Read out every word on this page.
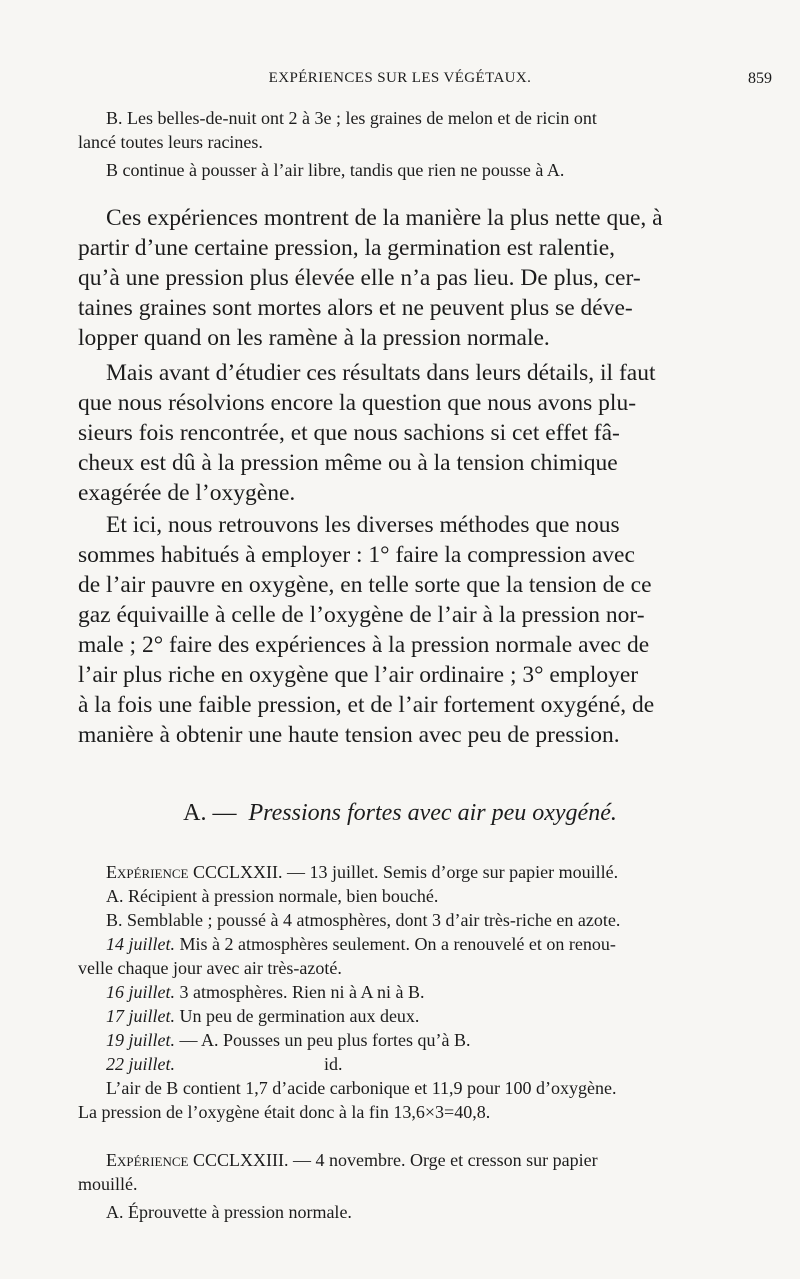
EXPÉRIENCES SUR LES VÉGÉTAUX.	859
B. Les belles-de-nuit ont 2 à 3e ; les graines de melon et de ricin ont
lancé toutes leurs racines.
B continue à pousser à l’air libre, tandis que rien ne pousse à A.
Ces expériences montrent de la manière la plus nette que, à
partir d’une certaine pression, la germination est ralentie,
qu’à une pression plus élevée elle n’a pas lieu. De plus, cer-
taines graines sont mortes alors et ne peuvent plus se déve-
lopper quand on les ramène à la pression normale.
Mais avant d’étudier ces résultats dans leurs détails, il faut
que nous résolvions encore la question que nous avons plu-
sieurs fois rencontrée, et que nous sachions si cet effet fâ-
cheux est dû à la pression même ou à la tension chimique
exagérée de l’oxygène.
Et ici, nous retrouvons les diverses méthodes que nous
sommes habitués à employer : 1° faire la compression avec
de l’air pauvre en oxygène, en telle sorte que la tension de ce
gaz équivaille à celle de l’oxygène de l’air à la pression nor-
male ; 2° faire des expériences à la pression normale avec de
l’air plus riche en oxygène que l’air ordinaire ; 3° employer
à la fois une faible pression, et de l’air fortement oxygéné, de
manière à obtenir une haute tension avec peu de pression.
A. — Pressions fortes avec air peu oxygéné.
Expérience CCCLXXII. — 13 juillet. Semis d’orge sur papier mouillé.
A. Récipient à pression normale, bien bouché.
B. Semblable ; poussé à 4 atmosphères, dont 3 d’air très-riche en azote.
14 juillet. Mis à 2 atmosphères seulement. On a renouvelé et on renou-
velle chaque jour avec air très-azoté.
16 juillet. 3 atmosphères. Rien ni à A ni à B.
17 juillet. Un peu de germination aux deux.
19 juillet. — A. Pousses un peu plus fortes qu’à B.
22 juillet.	id.
L’air de B contient 1,7 d’acide carbonique et 11,9 pour 100 d’oxygène.
La pression de l’oxygène était donc à la fin 13,6×3=40,8.
Expérience CCCLXXIII. — 4 novembre. Orge et cresson sur papier
mouillé.
A. Éprouvette à pression normale.
